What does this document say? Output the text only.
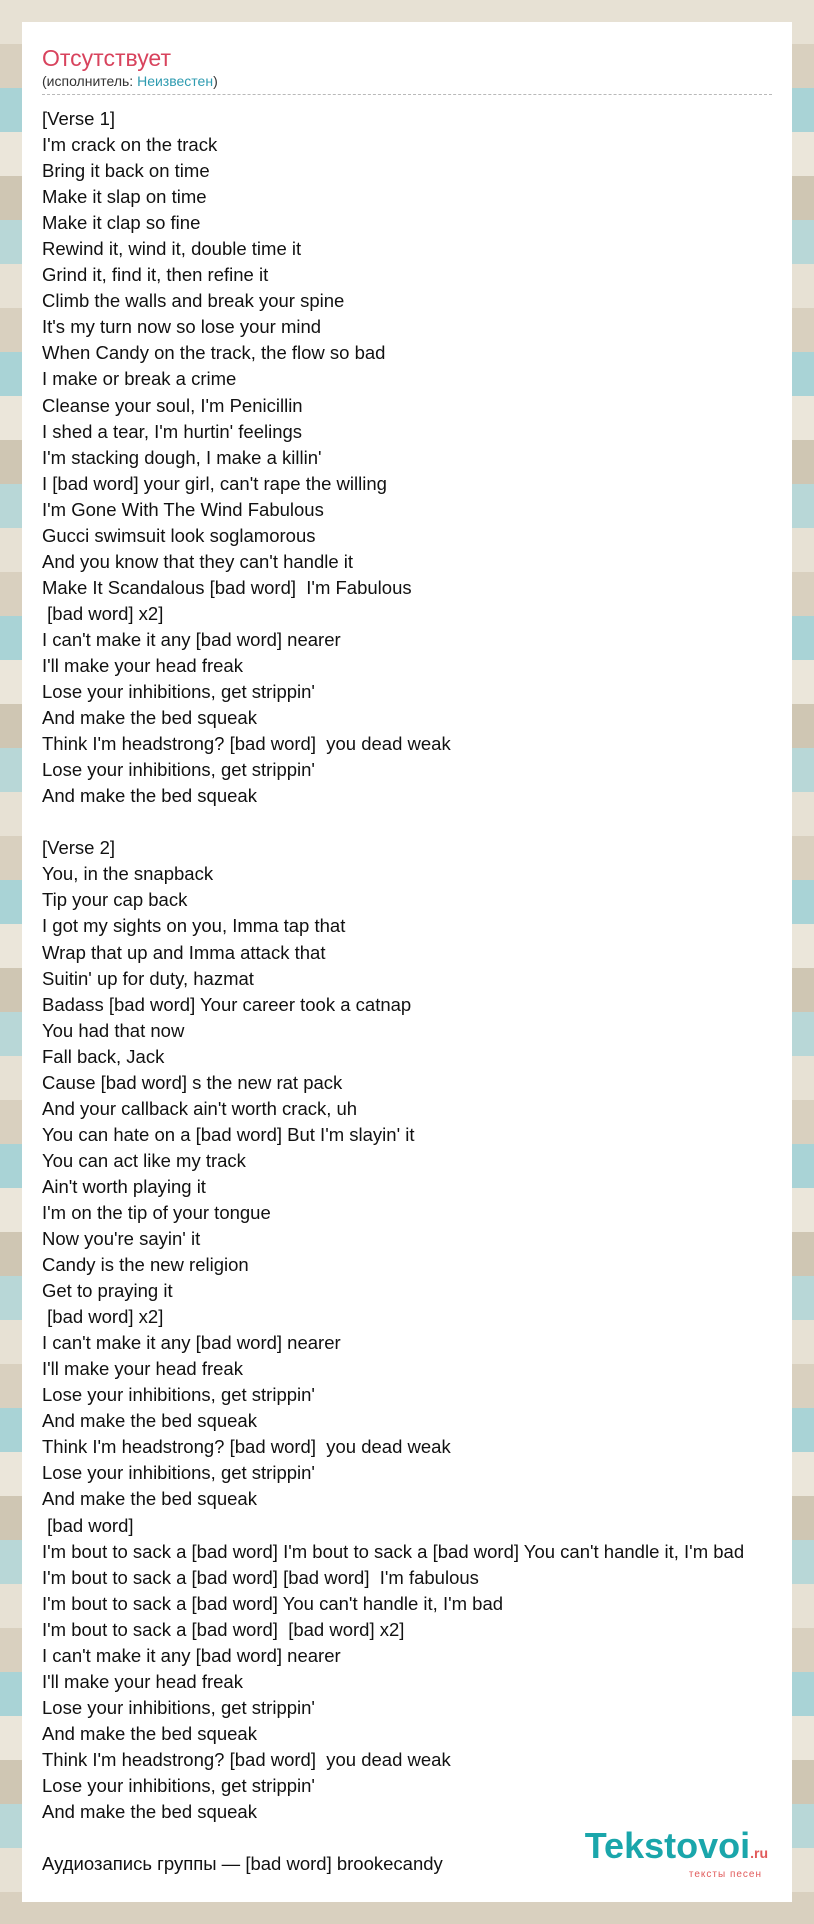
Отсутствует
(исполнитель: Неизвестен)
[Verse 1]
I'm crack on the track
Bring it back on time
Make it slap on time
Make it clap so fine
Rewind it, wind it, double time it
Grind it, find it, then refine it
Climb the walls and break your spine
It's my turn now so lose your mind
When Candy on the track, the flow so bad
I make or break a crime
Cleanse your soul, I'm Penicillin
I shed a tear, I'm hurtin' feelings
I'm stacking dough, I make a killin'
I [bad word] your girl, can't rape the willing
I'm Gone With The Wind Fabulous
Gucci swimsuit look soglamorous
And you know that they can't handle it
Make It Scandalous [bad word]  I'm Fabulous
[bad word] x2]
I can't make it any [bad word] nearer
I'll make your head freak
Lose your inhibitions, get strippin'
And make the bed squeak
Think I'm headstrong? [bad word]  you dead weak
Lose your inhibitions, get strippin'
And make the bed squeak

[Verse 2]
You, in the snapback
Tip your cap back
I got my sights on you, Imma tap that
Wrap that up and Imma attack that
Suitin' up for duty, hazmat
Badass [bad word] Your career took a catnap
You had that now
Fall back, Jack
Cause [bad word] s the new rat pack
And your callback ain't worth crack, uh
You can hate on a [bad word] But I'm slayin' it
You can act like my track
Ain't worth playing it
I'm on the tip of your tongue
Now you're sayin' it
Candy is the new religion
Get to praying it
[bad word] x2]
I can't make it any [bad word] nearer
I'll make your head freak
Lose your inhibitions, get strippin'
And make the bed squeak
Think I'm headstrong? [bad word]  you dead weak
Lose your inhibitions, get strippin'
And make the bed squeak
[bad word]
I'm bout to sack a [bad word] I'm bout to sack a [bad word] You can't handle it, I'm bad
I'm bout to sack a [bad word] [bad word]  I'm fabulous
I'm bout to sack a [bad word] You can't handle it, I'm bad
I'm bout to sack a [bad word]  [bad word] x2]
I can't make it any [bad word] nearer
I'll make your head freak
Lose your inhibitions, get strippin'
And make the bed squeak
Think I'm headstrong? [bad word]  you dead weak
Lose your inhibitions, get strippin'
And make the bed squeak

Аудиозапись группы — [bad word] brookecandy	Tekstovoi.ru
тексты песен
